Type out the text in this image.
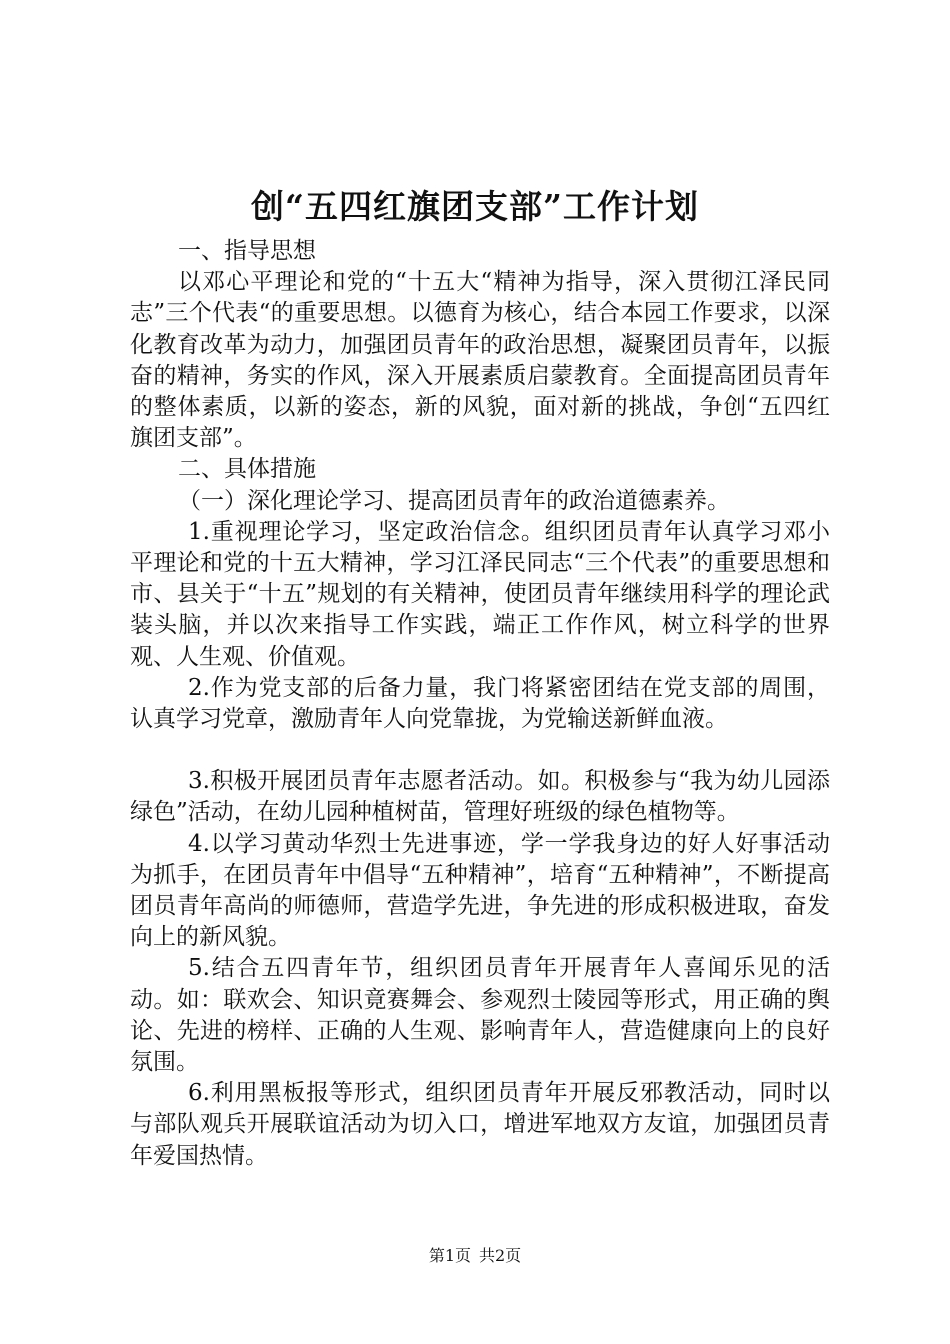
创“五四红旗团支部”工作计划
一、指导思想
以邓心平理论和党的“十五大“精神为指导，深入贯彻江泽民同志”三个代表“的重要思想。以德育为核心，结合本园工作要求，以深化教育改革为动力，加强团员青年的政治思想，凝聚团员青年，以振奋的精神，务实的作风，深入开展素质启蒙教育。全面提高团员青年的整体素质，以新的姿态，新的风貌，面对新的挑战，争创“五四红旗团支部”。
二、具体措施
（一）深化理论学习、提高团员青年的政治道德素养。
1.重视理论学习，坚定政治信念。组织团员青年认真学习邓小平理论和党的十五大精神，学习江泽民同志“三个代表”的重要思想和市、县关于“十五”规划的有关精神，使团员青年继续用科学的理论武装头脑，并以次来指导工作实践，端正工作作风，树立科学的世界观、人生观、价值观。
2.作为党支部的后备力量，我门将紧密团结在党支部的周围，认真学习党章，激励青年人向党靠拢，为党输送新鲜血液。
3.积极开展团员青年志愿者活动。如。积极参与“我为幼儿园添绿色”活动，在幼儿园种植树苗，管理好班级的绿色植物等。
4.以学习黄动华烈士先进事迹，学一学我身边的好人好事活动为抓手，在团员青年中倡导“五种精神”，培育“五种精神”，不断提高团员青年高尚的师德师，营造学先进，争先进的形成积极进取，奋发向上的新风貌。
5.结合五四青年节，组织团员青年开展青年人喜闻乐见的活动。如：联欢会、知识竟赛舞会、参观烈士陵园等形式，用正确的舆论、先进的榜样、正确的人生观、影响青年人，营造健康向上的良好氛围。
6.利用黑板报等形式，组织团员青年开展反邪教活动，同时以与部队观兵开展联谊活动为切入口，增进军地双方友谊，加强团员青年爱国热情。
第1页 共2页
